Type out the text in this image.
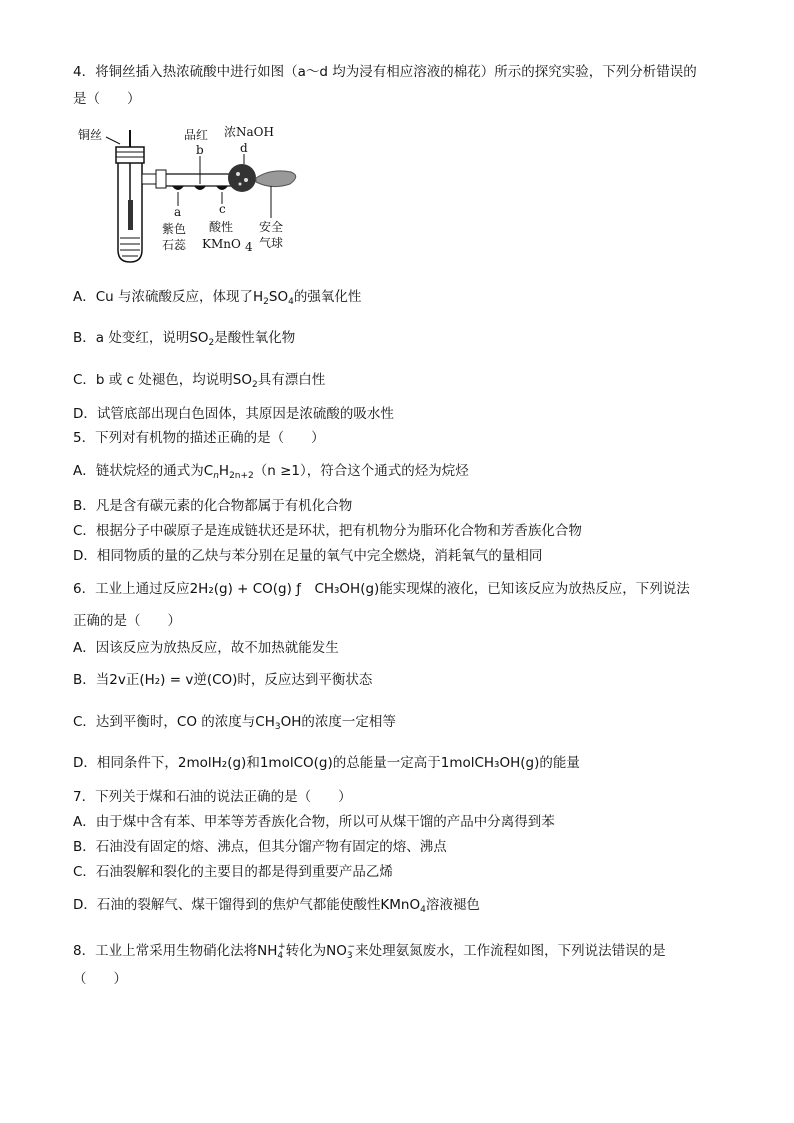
4．将铜丝插入热浓硫酸中进行如图（a～d 均为浸有相应溶液的棉花）所示的探究实验，下列分析错误的
是（　　）
铜丝	品红 浓NaOH
b	d
a	c
紫色
石蕊
酸性
KMnO 4
安全
气球
A．Cu 与浓硫酸反应，体现了$H_2SO_4$的强氧化性
B．a 处变红，说明$SO_2$是酸性氧化物
C．b 或 c 处褪色，均说明$SO_2$具有漂白性
D．试管底部出现白色固体，其原因是浓硫酸的吸水性
5．下列对有机物的描述正确的是（　　）
A．链状烷烃的通式为$C_nH_{2n+2}(n \ge 1)$，符合这个通式的烃为烷烃
B．凡是含有碳元素的化合物都属于有机化合物
C．根据分子中碳原子是连成链状还是环状，把有机物分为脂环化合物和芳香族化合物
D．相同物质的量的乙炔与苯分别在足量的氧气中完全燃烧，消耗氧气的量相同
6．工业上通过反应2H₂(g) + CO(g) ƒ　CH₃OH(g)能实现煤的液化，已知该反应为放热反应，下列说法
正确的是（　　）
A．因该反应为放热反应，故不加热就能发生
B．当2v正(H₂) = v逆(CO)时，反应达到平衡状态
C．达到平衡时，CO 的浓度与$CH_3OH$的浓度一定相等
D．相同条件下，2molH₂(g)和1molCO(g)的总能量一定高于1molCH₃OH(g)的能量
7．下列关于煤和石油的说法正确的是（　　）
A．由于煤中含有苯、甲苯等芳香族化合物，所以可从煤干馏的产品中分离得到苯
B．石油没有固定的熔、沸点，但其分馏产物有固定的熔、沸点
C．石油裂解和裂化的主要目的都是得到重要产品乙烯
D．石油的裂解气、煤干馏得到的焦炉气都能使酸性KMnO$_4$溶液褪色
8．工业上常采用生物硝化法将$NH_4^+$转化为$NO_3^-$来处理氨氮废水，工作流程如图，下列说法错误的是
（　　）
